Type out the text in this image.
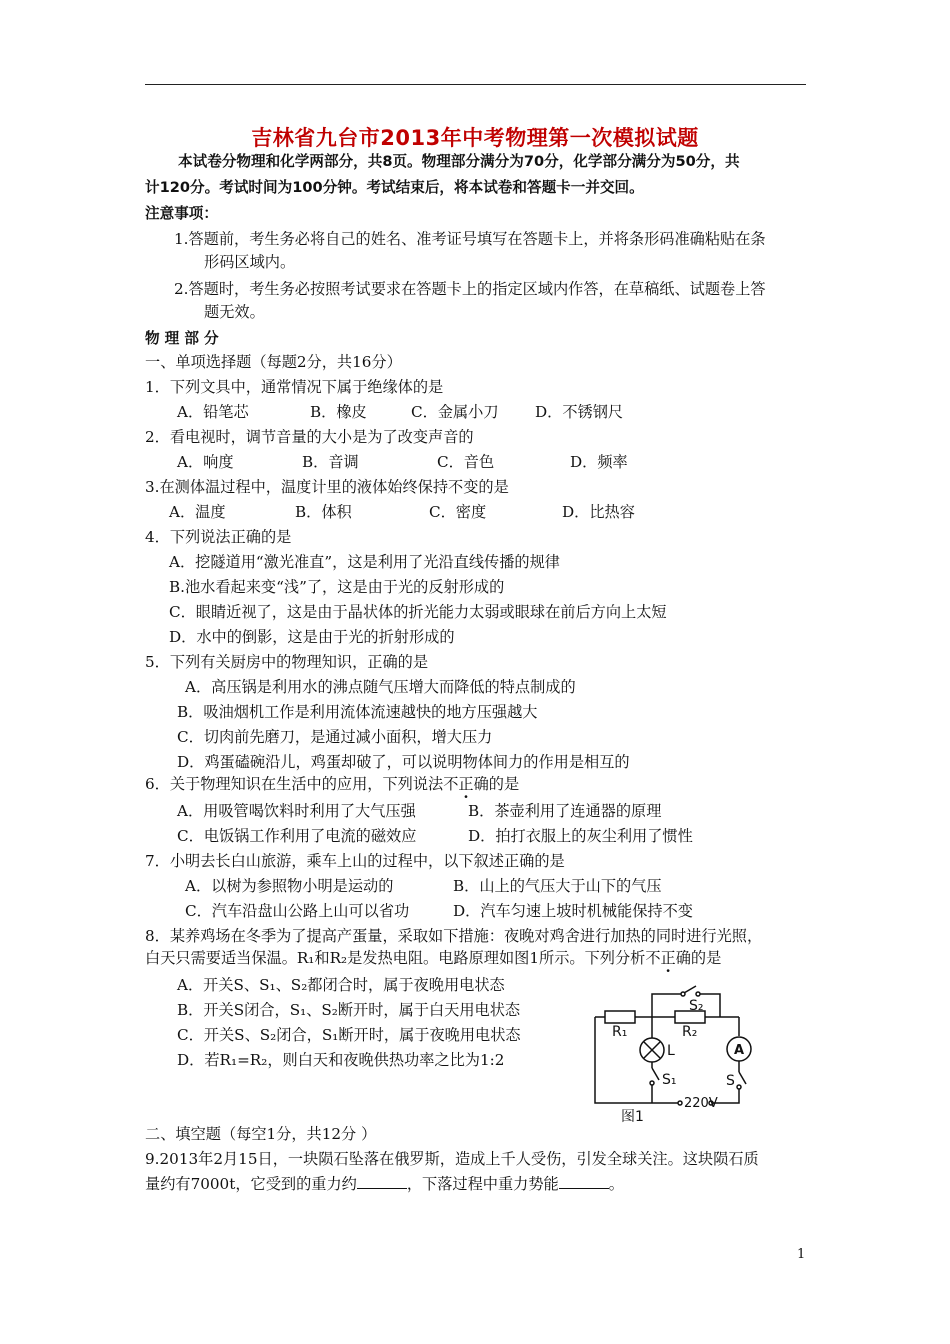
吉林省九台市2013年中考物理第一次模拟试题
本试卷分物理和化学两部分，共8页。物理部分满分为70分，化学部分满分为50分，共
计120分。考试时间为100分钟。考试结束后，将本试卷和答题卡一并交回。
注意事项：
1.答题前，考生务必将自己的姓名、准考证号填写在答题卡上，并将条形码准确粘贴在条
形码区域内。
2.答题时，考生务必按照考试要求在答题卡上的指定区域内作答，在草稿纸、试题卷上答
题无效。
物 理 部 分
一、单项选择题（每题2分，共16分）
1．下列文具中，通常情况下属于绝缘体的是
A．铅笔芯	B．橡皮	C．金属小刀 D．不锈钢尺
2．看电视时，调节音量的大小是为了改变声音的
A．响度	B．音调	C．音色	D．频率
3.在测体温过程中，温度计里的液体始终保持不变的是
A．温度	B．体积	C．密度	D．比热容
4．下列说法正确的是
A．挖隧道用“激光准直”，这是利用了光沿直线传播的规律
B.池水看起来变“浅”了，这是由于光的反射形成的
C．眼睛近视了，这是由于晶状体的折光能力太弱或眼球在前后方向上太短
D．水中的倒影，这是由于光的折射形成的
5．下列有关厨房中的物理知识，正确的是
A．高压锅是利用水的沸点随气压增大而降低的特点制成的
B．吸油烟机工作是利用流体流速越快的地方压强越大
C．切肉前先磨刀，是通过减小面积，增大压力
D．鸡蛋磕碗沿儿，鸡蛋却破了，可以说明物体间力的作用是相互的
6．关于物理知识在生活中的应用，下列说法不正确的是
A．用吸管喝饮料时利用了大气压强	B．茶壶利用了连通器的原理
C．电饭锅工作利用了电流的磁效应	D．拍打衣服上的灰尘利用了惯性
7．小明去长白山旅游，乘车上山的过程中，以下叙述正确的是
A．以树为参照物小明是运动的	B．山上的气压大于山下的气压
C．汽车沿盘山公路上山可以省功	D．汽车匀速上坡时机械能保持不变
8．某养鸡场在冬季为了提高产蛋量，采取如下措施：夜晚对鸡舍进行加热的同时进行光照，
白天只需要适当保温。R₁和R₂是发热电阻。电路原理如图1所示。下列分析不正确的是
A．开关S、S₁、S₂都闭合时，属于夜晚用电状态
B．开关S闭合，S₁、S₂断开时，属于白天用电状态
C．开关S、S₂闭合，S₁断开时，属于夜晚用电状态
D．若R₁=R₂，则白天和夜晚供热功率之比为1:2
S₂
R₁	R₂
L	A
S₁	S
220V
图1
二、填空题（每空1分，共12分 ）
9.2013年2月15日，一块陨石坠落在俄罗斯，造成上千人受伤，引发全球关注。这块陨石质
量约有7000t，它受到的重力约	，下落过程中重力势能	。
1
